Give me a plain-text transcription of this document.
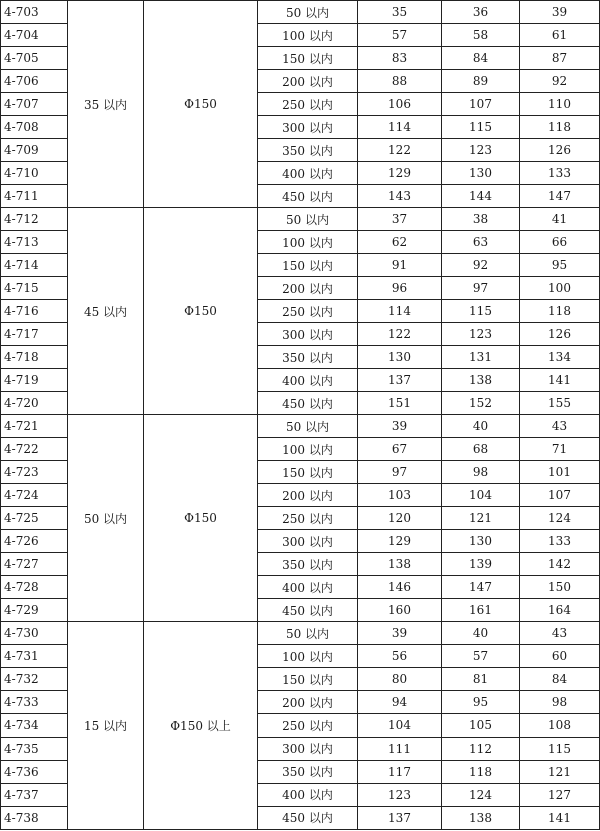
4-703	35 以内	Φ150	50 以内	35	36	39
4-704			100 以内	57	58	61
4-705			150 以内	83	84	87
4-706			200 以内	88	89	92
4-707			250 以内	106	107	110
4-708			300 以内	114	115	118
4-709			350 以内	122	123	126
4-710			400 以内	129	130	133
4-711			450 以内	143	144	147
4-712	45 以内	Φ150	50 以内	37	38	41
4-713			100 以内	62	63	66
4-714			150 以内	91	92	95
4-715			200 以内	96	97	100
4-716			250 以内	114	115	118
4-717			300 以内	122	123	126
4-718			350 以内	130	131	134
4-719			400 以内	137	138	141
4-720			450 以内	151	152	155
4-721	50 以内	Φ150	50 以内	39	40	43
4-722			100 以内	67	68	71
4-723			150 以内	97	98	101
4-724			200 以内	103	104	107
4-725			250 以内	120	121	124
4-726			300 以内	129	130	133
4-727			350 以内	138	139	142
4-728			400 以内	146	147	150
4-729			450 以内	160	161	164
4-730	15 以内	Φ150 以上	50 以内	39	40	43
4-731			100 以内	56	57	60
4-732			150 以内	80	81	84
4-733			200 以内	94	95	98
4-734			250 以内	104	105	108
4-735			300 以内	111	112	115
4-736			350 以内	117	118	121
4-737			400 以内	123	124	127
4-738			450 以内	137	138	141
